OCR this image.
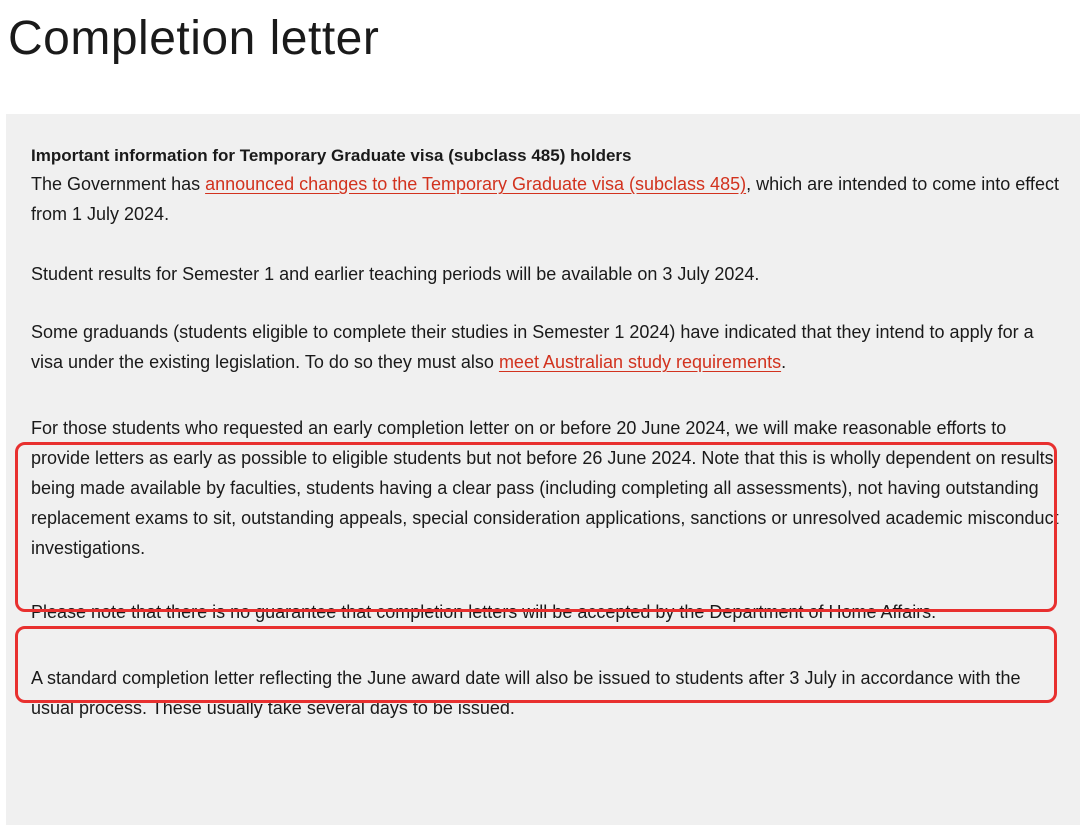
Completion letter

Important information for Temporary Graduate visa (subclass 485) holders

The Government has announced changes to the Temporary Graduate visa (subclass 485), which are intended to come into effect from 1 July 2024.

Student results for Semester 1 and earlier teaching periods will be available on 3 July 2024.

Some graduands (students eligible to complete their studies in Semester 1 2024) have indicated that they intend to apply for a visa under the existing legislation. To do so they must also meet Australian study requirements.

For those students who requested an early completion letter on or before 20 June 2024, we will make reasonable efforts to provide letters as early as possible to eligible students but not before 26 June 2024. Note that this is wholly dependent on results being made available by faculties, students having a clear pass (including completing all assessments), not having outstanding replacement exams to sit, outstanding appeals, special consideration applications, sanctions or unresolved academic misconduct investigations.

Please note that there is no guarantee that completion letters will be accepted by the Department of Home Affairs.

A standard completion letter reflecting the June award date will also be issued to students after 3 July in accordance with the usual process. These usually take several days to be issued.
